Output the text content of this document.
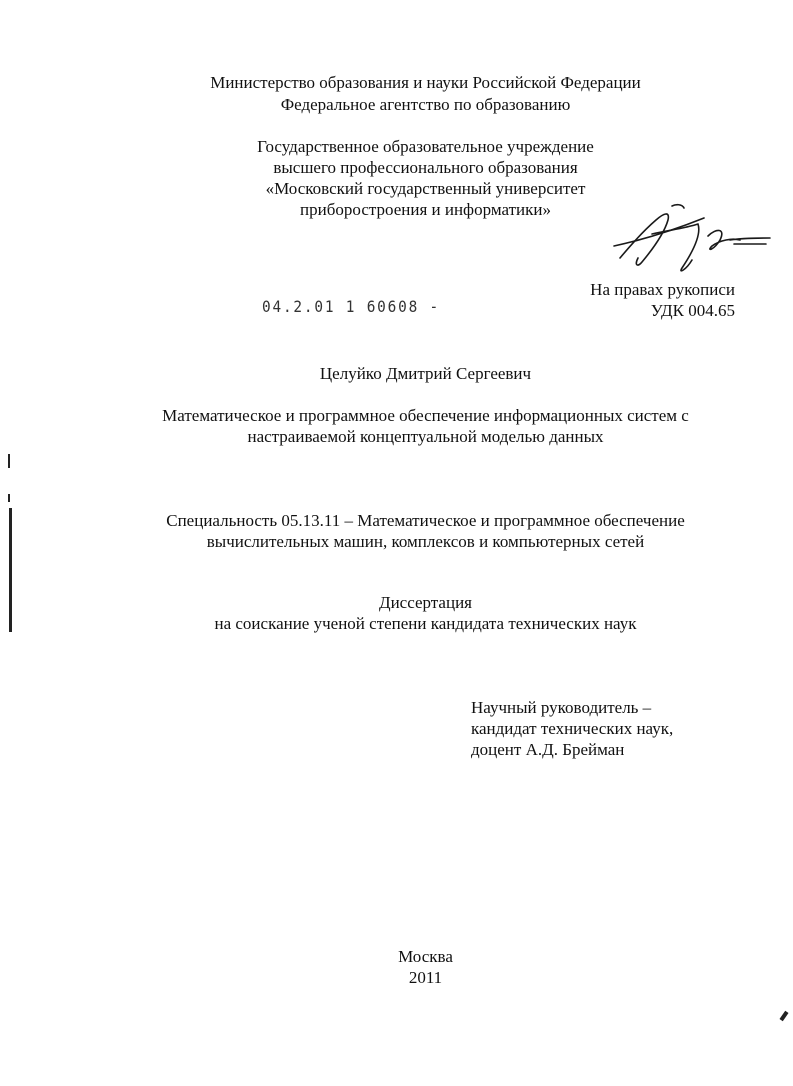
Министерство образования и науки Российской Федерации
Федеральное агентство по образованию
Государственное образовательное учреждение
высшего профессионального образования
«Московский государственный университет
приборостроения и информатики»
На правах рукописи
УДК 004.65
04.2.01 1 60608 -
Целуйко Дмитрий Сергеевич
Математическое и программное обеспечение информационных систем с
настраиваемой концептуальной моделью данных
Специальность 05.13.11 – Математическое и программное обеспечение
вычислительных машин, комплексов и компьютерных сетей
Диссертация
на соискание ученой степени кандидата технических наук
Научный руководитель –
кандидат технических наук,
доцент А.Д. Брейман
Москва
2011
